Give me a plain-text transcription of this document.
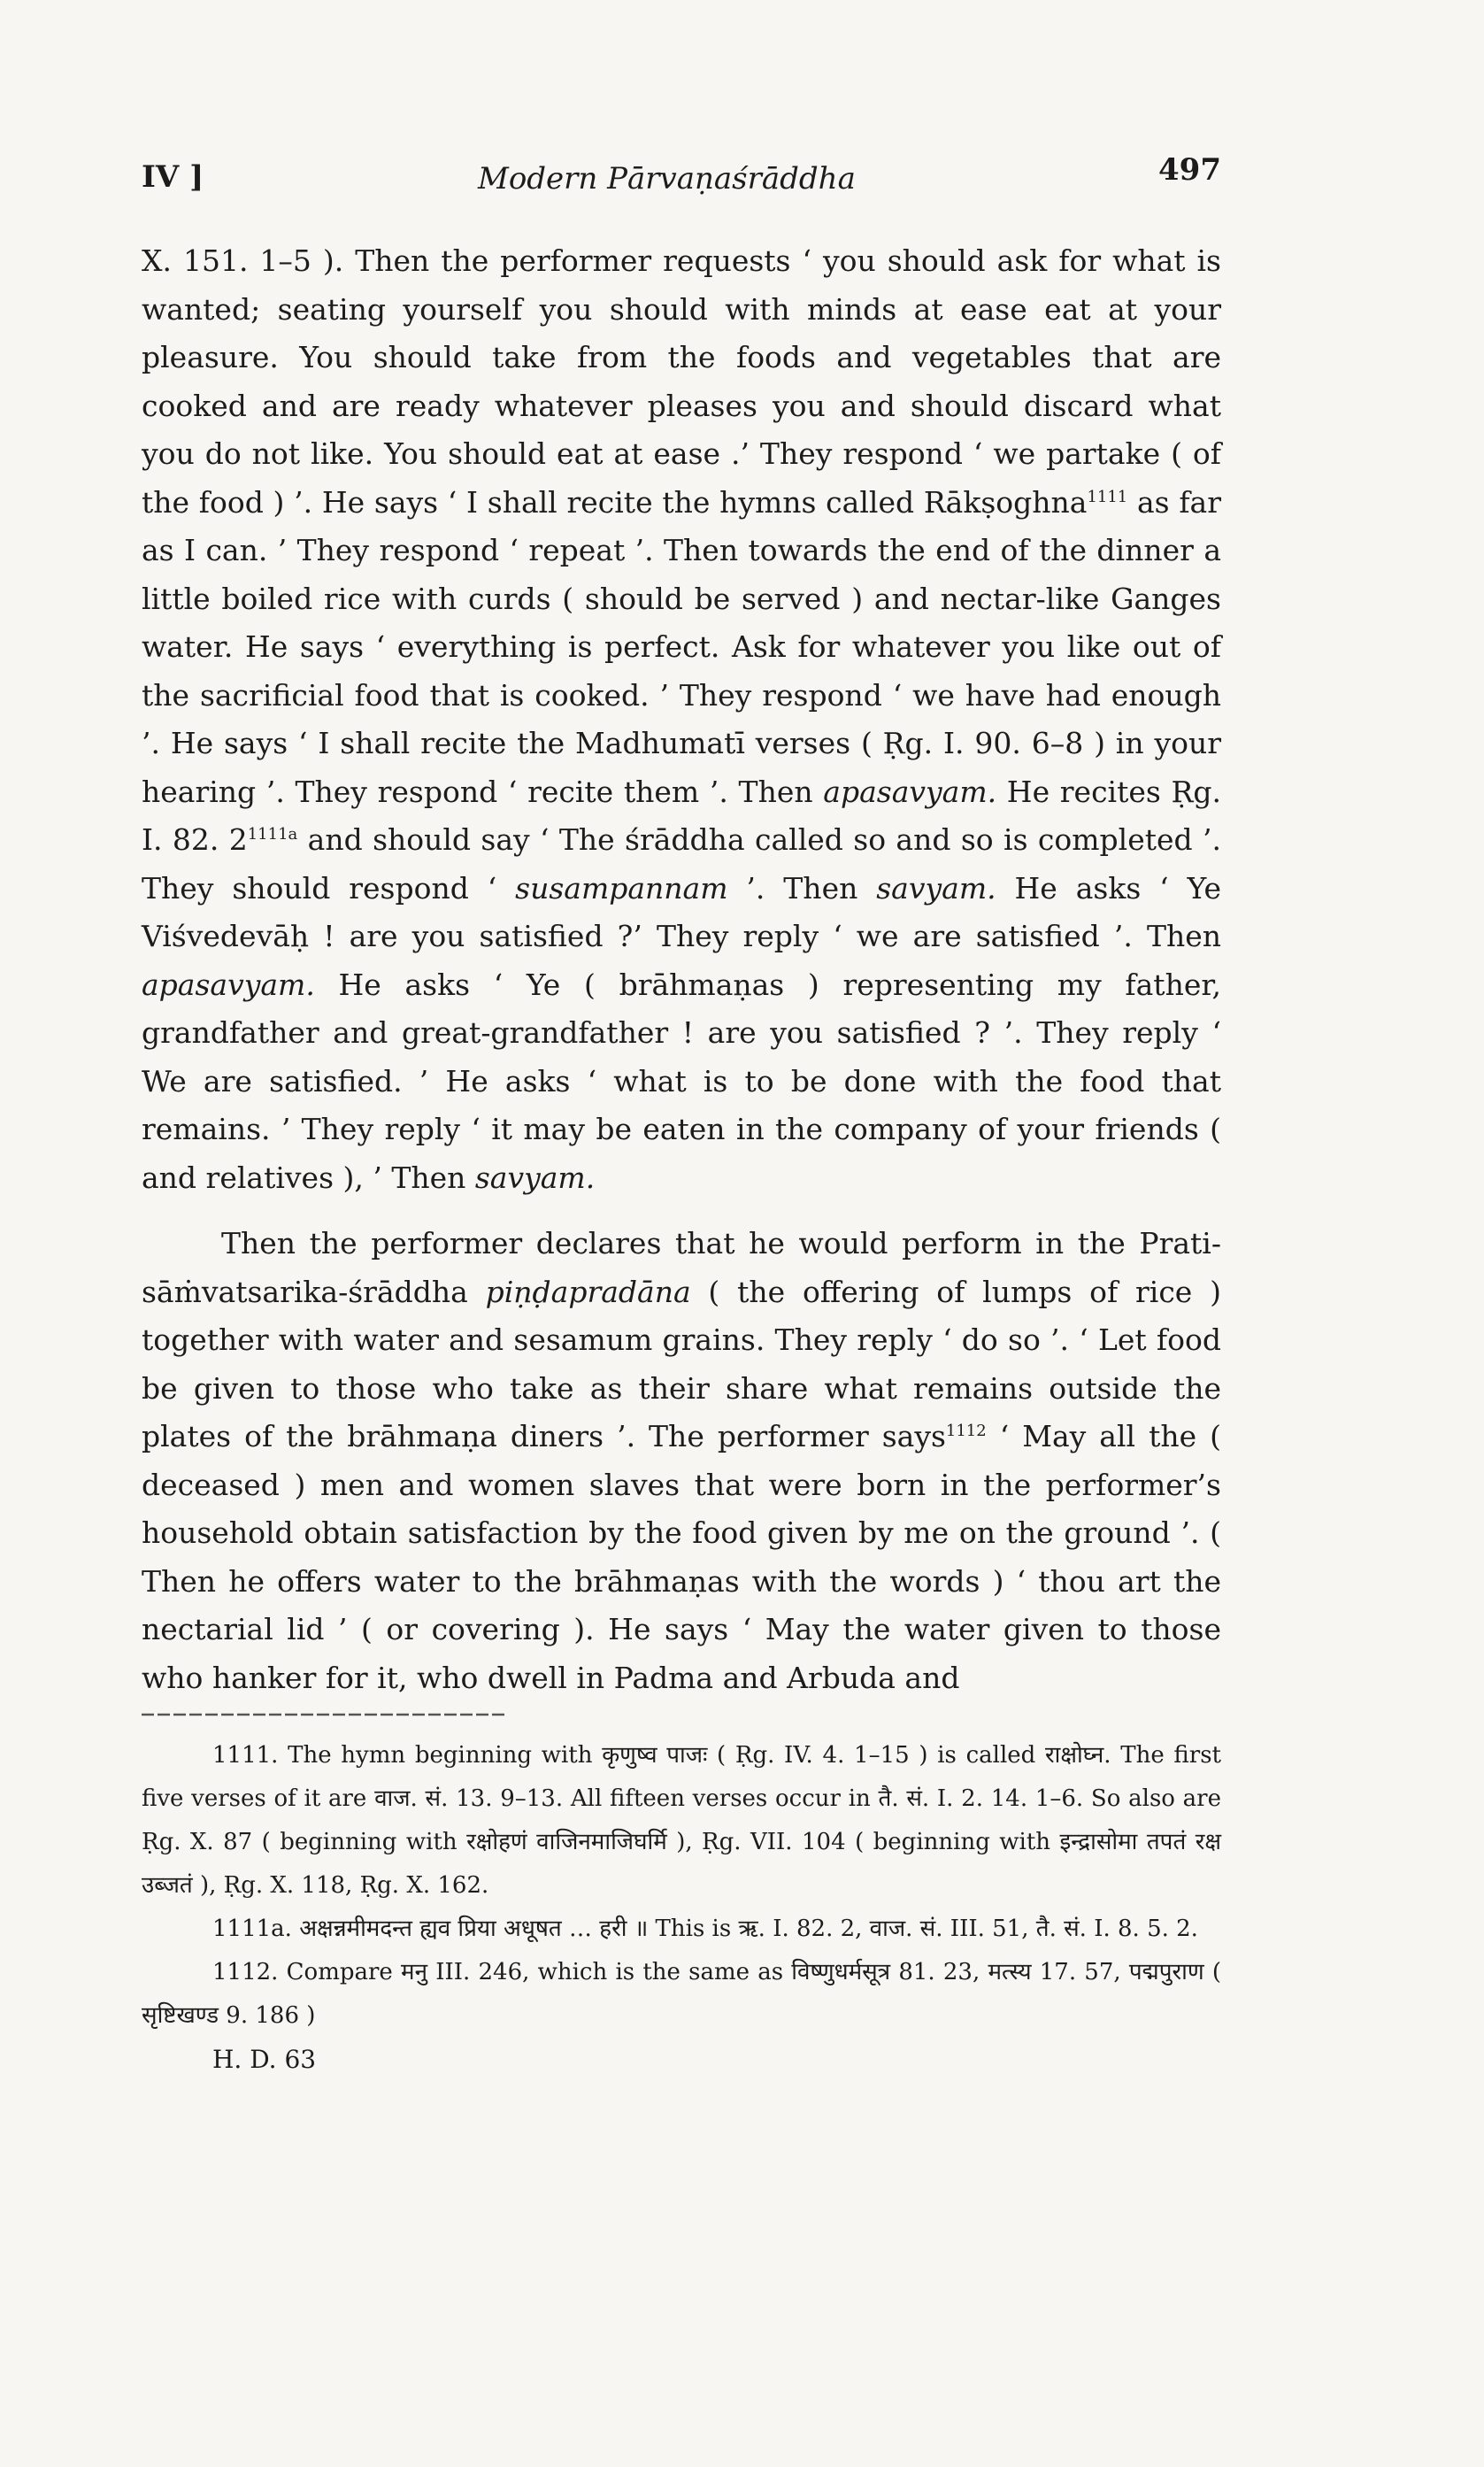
IV ]	Modern Pārvaṇaśrāddha	497

X. 151. 1–5 ). Then the performer requests ‘ you should ask for what is wanted; seating yourself you should with minds at ease eat at your pleasure. You should take from the foods and vegetables that are cooked and are ready whatever pleases you and should discard what you do not like. You should eat at ease .’ They respond ‘ we partake ( of the food ) ’. He says ‘ I shall recite the hymns called Rākṣoghna$^{1111}$ as far as I can. ’ They respond ‘ repeat ’. Then towards the end of the dinner a little boiled rice with curds ( should be served ) and nectar-like Ganges water. He says ‘ everything is perfect. Ask for whatever you like out of the sacrificial food that is cooked. ’ They respond ‘ we have had enough ’. He says ‘ I shall recite the Madhumatī verses ( Ṛg. I. 90. 6–8 ) in your hearing ’. They respond ‘ recite them ’. Then apasavyam. He recites Ṛg. I. 82. $2^{1111a}$ and should say ‘ The śrāddha called so and so is completed ’. They should respond ‘ susampannam ’. Then savyam. He asks ‘ Ye Viśvedevāḥ ! are you satisfied ?’ They reply ‘ we are satisfied ’. Then apasavyam. He asks ‘ Ye ( brāhmaṇas ) representing my father, grandfather and great-grandfather ! are you satisfied ? ’. They reply ‘ We are satisfied. ’ He asks ‘ what is to be done with the food that remains. ’ They reply ‘ it may be eaten in the company of your friends ( and relatives ), ’ Then savyam.

Then the performer declares that he would perform in the Prati-sāṁvatsarika-śrāddha piṇḍapradāna ( the offering of lumps of rice ) together with water and sesamum grains. They reply ‘ do so ’. ‘ Let food be given to those who take as their share what remains outside the plates of the brāhmaṇa diners ’. The performer says$^{1112}$ ‘ May all the ( deceased ) men and women slaves that were born in the performer’s household obtain satisfaction by the food given by me on the ground ’. ( Then he offers water to the brāhmaṇas with the words ) ‘ thou art the nectarial lid ’ ( or covering ). He says ‘ May the water given to those who hanker for it, who dwell in Padma and Arbuda and

1111. The hymn beginning with कृणुष्व पाजः ( Ṛg. IV. 4. 1–15 ) is called राक्षोघ्न. The first five verses of it are वाज. सं. 13. 9–13. All fifteen verses occur in तै. सं. I. 2. 14. 1–6. So also are Ṛg. X. 87 ( beginning with रक्षोहणं वाजिनमाजिघर्मि ), Ṛg. VII. 104 ( beginning with इन्द्रासोमा तपतं रक्ष उब्जतं ), Ṛg. X. 118, Ṛg. X. 162.

1111a. अक्षन्नमीमदन्त ह्यव प्रिया अधूषत … हरी ॥ This is ऋ. I. 82. 2, वाज. सं. III. 51, तै. सं. I. 8. 5. 2.

1112. Compare मनु III. 246, which is the same as विष्णुधर्मसूत्र 81. 23, मत्स्य 17. 57, पद्मपुराण ( सृष्टिखण्ड 9. 186 )

H. D. 63
